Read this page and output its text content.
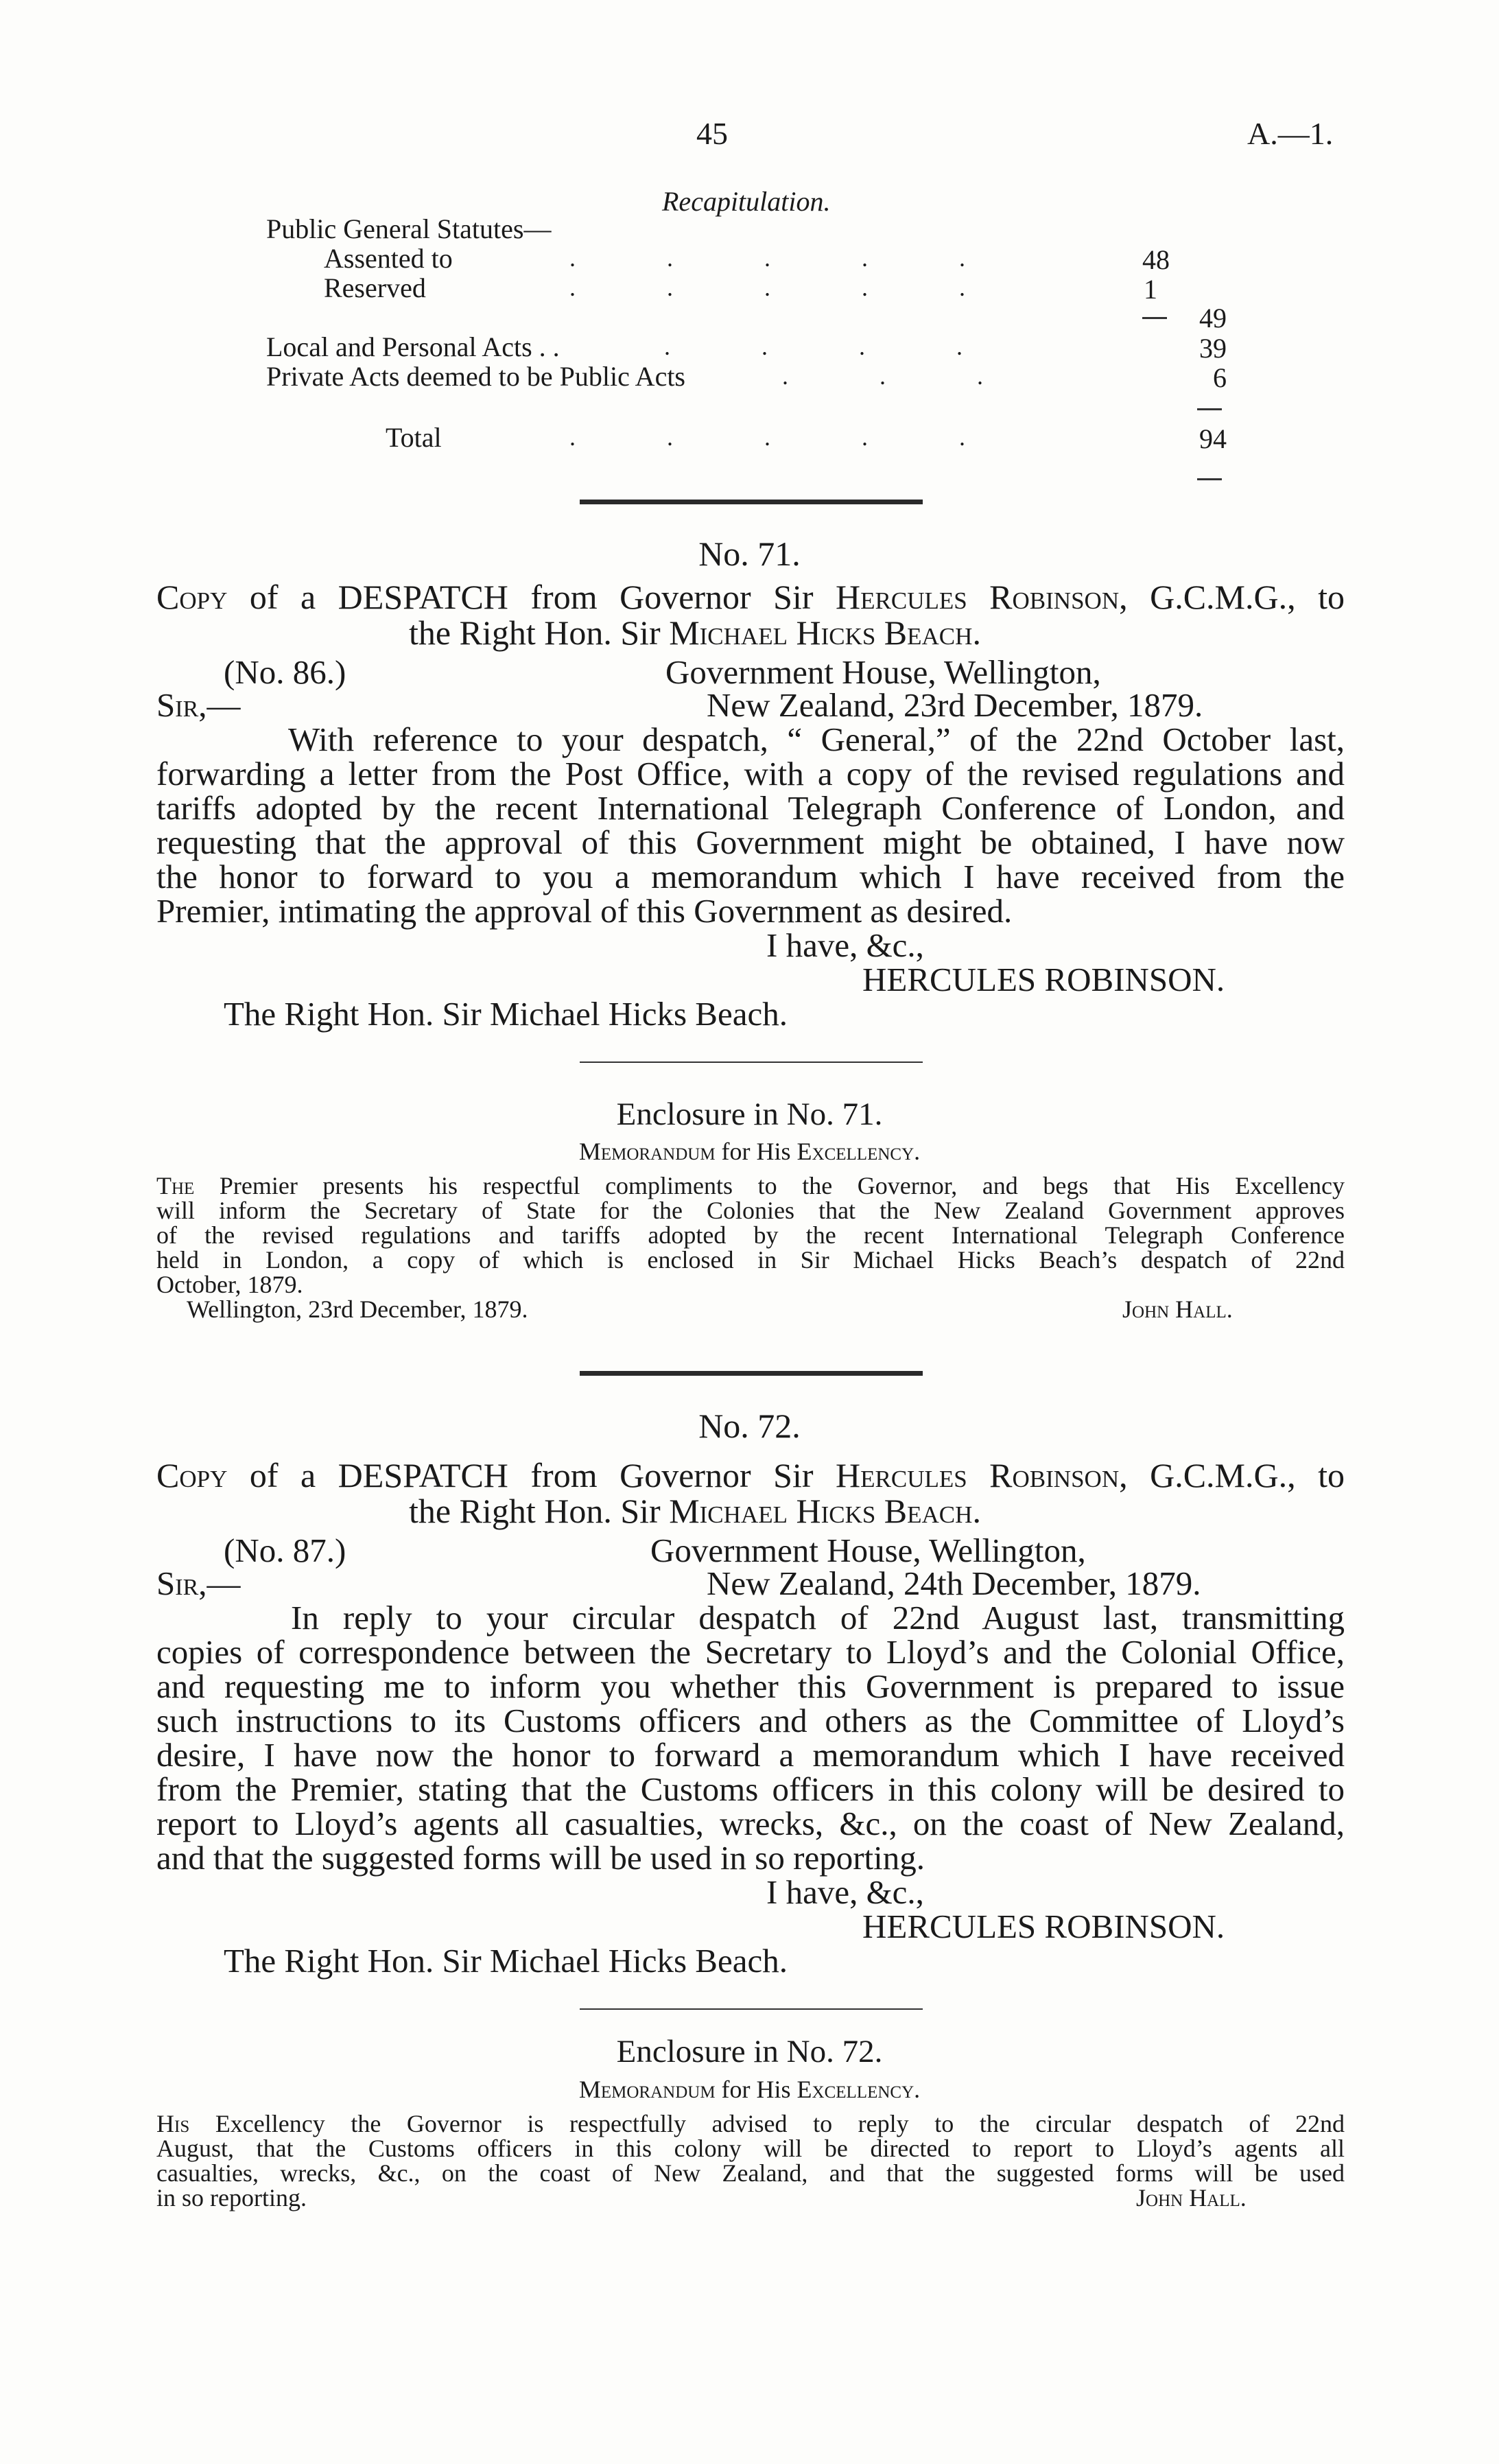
45	A.—1.
Recapitulation.
Public General Statutes—
Assented to	. . . . .	48
Reserved	. . . . .	1
49
Local and Personal Acts . .	. . . .	39
Private Acts deemed to be Public Acts	. . .	6
Total	. . . . .	94
No. 71.
Copy of a DESPATCH from Governor Sir Hercules Robinson, G.C.M.G., to
the Right Hon. Sir Michael Hicks Beach.
(No. 86.)	Government House, Wellington,
Sir,—	New Zealand, 23rd December, 1879.
With reference to your despatch, “ General,” of the 22nd October last,
forwarding a letter from the Post Office, with a copy of the revised regulations and
tariffs adopted by the recent International Telegraph Conference of London, and
requesting that the approval of this Government might be obtained, I have now
the honor to forward to you a memorandum which I have received from the
Premier, intimating the approval of this Government as desired.
I have, &c.,
HERCULES ROBINSON.
The Right Hon. Sir Michael Hicks Beach.
Enclosure in No. 71.
Memorandum for His Excellency.
The Premier presents his respectful compliments to the Governor, and begs that His Excellency
will inform the Secretary of State for the Colonies that the New Zealand Government approves
of the revised regulations and tariffs adopted by the recent International Telegraph Conference
held in London, a copy of which is enclosed in Sir Michael Hicks Beach’s despatch of 22nd
October, 1879.
Wellington, 23rd December, 1879.	John Hall.
No. 72.
Copy of a DESPATCH from Governor Sir Hercules Robinson, G.C.M.G., to
the Right Hon. Sir Michael Hicks Beach.
(No. 87.)	Government House, Wellington,
Sir,—	New Zealand, 24th December, 1879.
In reply to your circular despatch of 22nd August last, transmitting
copies of correspondence between the Secretary to Lloyd’s and the Colonial Office,
and requesting me to inform you whether this Government is prepared to issue
such instructions to its Customs officers and others as the Committee of Lloyd’s
desire, I have now the honor to forward a memorandum which I have received
from the Premier, stating that the Customs officers in this colony will be desired to
report to Lloyd’s agents all casualties, wrecks, &c., on the coast of New Zealand,
and that the suggested forms will be used in so reporting.
I have, &c.,
HERCULES ROBINSON.
The Right Hon. Sir Michael Hicks Beach.
Enclosure in No. 72.
Memorandum for His Excellency.
His Excellency the Governor is respectfully advised to reply to the circular despatch of 22nd
August, that the Customs officers in this colony will be directed to report to Lloyd’s agents all
casualties, wrecks, &c., on the coast of New Zealand, and that the suggested forms will be used
in so reporting.	John Hall.
